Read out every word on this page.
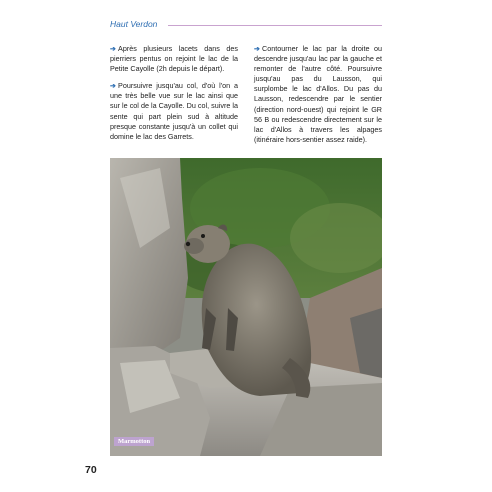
Haut Verdon

➔ Après plusieurs lacets dans des pierriers pentus on rejoint le lac de la Petite Cayolle (2h depuis le départ).

➔ Poursuivre jusqu'au col, d'où l'on a une très belle vue sur le lac ainsi que sur le col de la Cayolle. Du col, suivre la sente qui part plein sud à altitude presque constante jusqu'à un collet qui domine le lac des Garrets.

➔ Contourner le lac par la droite ou descendre jusqu'au lac par la gauche et remonter de l'autre côté. Poursuivre jusqu'au pas du Lausson, qui surplombe le lac d'Allos. Du pas du Lausson, redescendre par le sentier (direction nord-ouest) qui rejoint le GR 56 B ou redescendre directement sur le lac d'Allos à travers les alpages (itinéraire hors-sentier assez raide).

Marmotton
70
